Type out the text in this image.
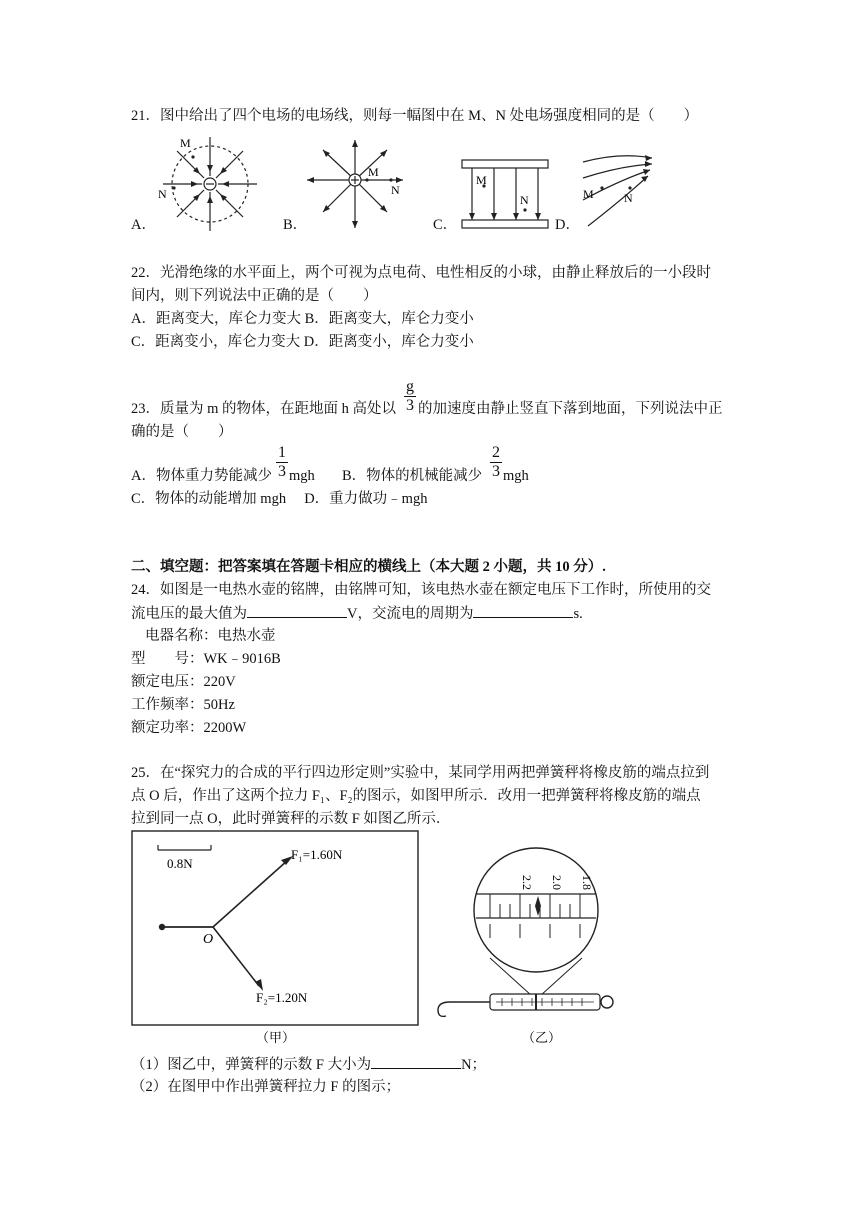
21．图中给出了四个电场的电场线，则每一幅图中在 M、N 处电场强度相同的是（　　）
M
N
A．
M
N
B．
M
N
C．
M	N
D．
22．光滑绝缘的水平面上，两个可视为点电荷、电性相反的小球，由静止释放后的一小段时
间内，则下列说法中正确的是（　　）
A．距离变大，库仑力变大 B．距离变大，库仑力变小
C．距离变小，库仑力变大 D．距离变小，库仑力变小
$\frac{g}{3}$
23．质量为 m 的物体，在距地面 h 高处以 的加速度由静止竖直下落到地面，下列说法中正
确的是（　　）
A．物体重力势能减少 $\frac{1}{3}$ mgh B．物体的机械能减少 $\frac{2}{3}$ mgh
C．物体的动能增加 mgh　 D．重力做功﹣mgh
二、填空题：把答案填在答题卡相应的横线上（本大题 2 小题，共 10 分）.
24．如图是一电热水壶的铭牌，由铭牌可知，该电热水壶在额定电压下工作时，所使用的交
流电压的最大值为	V，交流电的周期为	s.
电器名称：电热水壶
型　　号：WK﹣9016B
额定电压：220V
工作频率：50Hz
额定功率：2200W
25．在“探究力的合成的平行四边形定则”实验中，某同学用两把弹簧秤将橡皮筋的端点拉到
点 O 后，作出了这两个拉力 F₁、F₂的图示，如图甲所示．改用一把弹簧秤将橡皮筋的端点
拉到同一点 O，此时弹簧秤的示数 F 如图乙所示．
0.8N
O
F₁=1.60N
F₂=1.20N
（甲）
2.2 2.0 1.8
（乙）
（1）图乙中，弹簧秤的示数 F 大小为	N；
（2）在图甲中作出弹簧秤拉力 F 的图示；
